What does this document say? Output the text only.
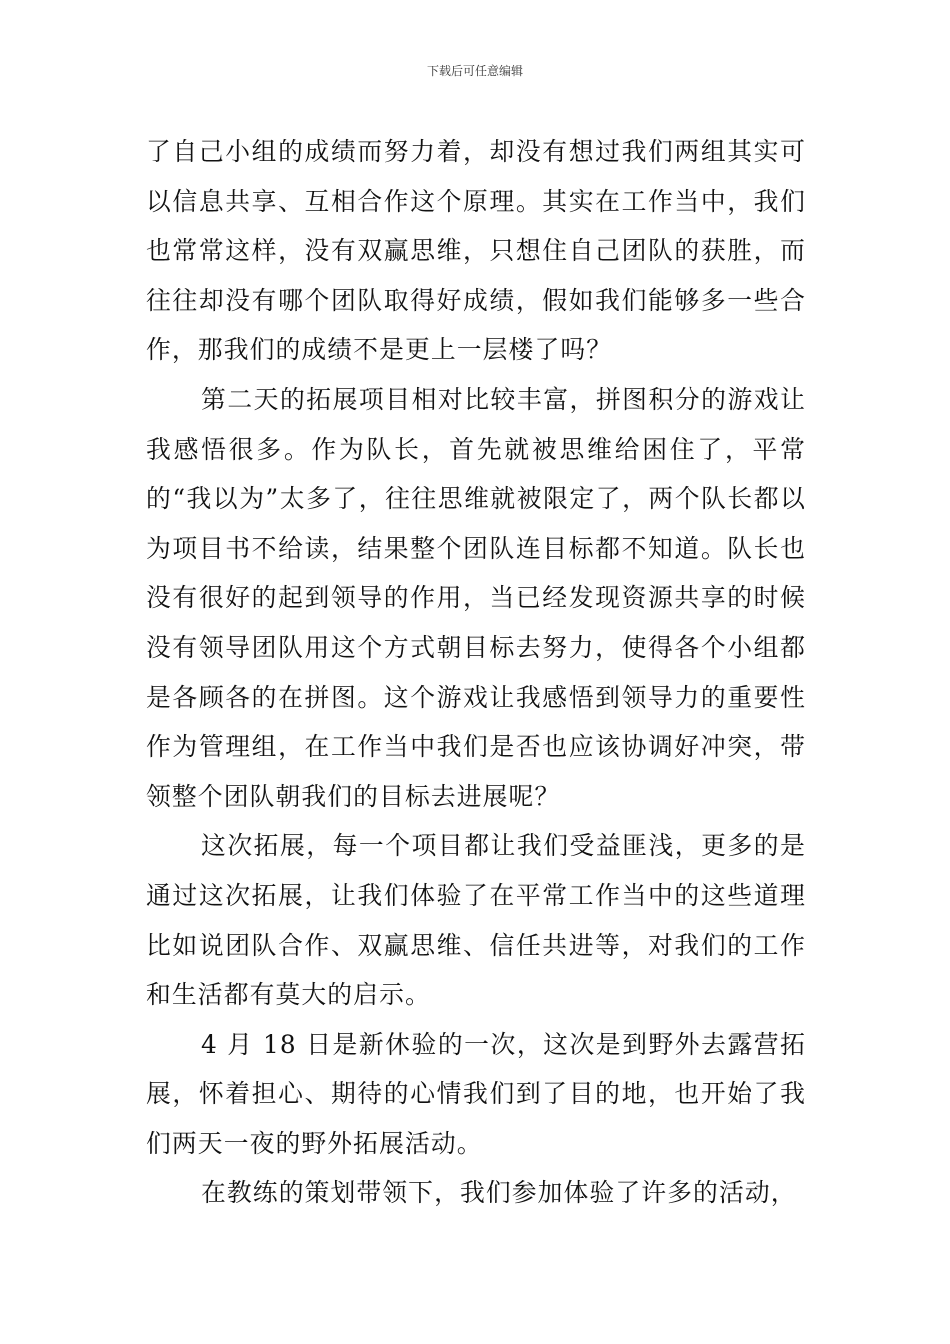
下载后可任意编辑

了自己小组的成绩而努力着，却没有想过我们两组其实可以信息共享、互相合作这个原理。其实在工作当中，我们也常常这样，没有双赢思维，只想住自己团队的获胜，而往往却没有哪个团队取得好成绩，假如我们能够多一些合作，那我们的成绩不是更上一层楼了吗？

第二天的拓展项目相对比较丰富，拼图积分的游戏让我感悟很多。作为队长，首先就被思维给困住了，平常的“我以为”太多了，往往思维就被限定了，两个队长都以为项目书不给读，结果整个团队连目标都不知道。队长也没有很好的起到领导的作用，当已经发现资源共享的时候没有领导团队用这个方式朝目标去努力，使得各个小组都是各顾各的在拼图。这个游戏让我感悟到领导力的重要性作为管理组，在工作当中我们是否也应该协调好冲突，带领整个团队朝我们的目标去进展呢？

这次拓展，每一个项目都让我们受益匪浅，更多的是通过这次拓展，让我们体验了在平常工作当中的这些道理比如说团队合作、双赢思维、信任共进等，对我们的工作和生活都有莫大的启示。

4 月 18 日是新休验的一次，这次是到野外去露营拓展，怀着担心、期待的心情我们到了目的地，也开始了我们两天一夜的野外拓展活动。

在教练的策划带领下，我们参加体验了许多的活动，
